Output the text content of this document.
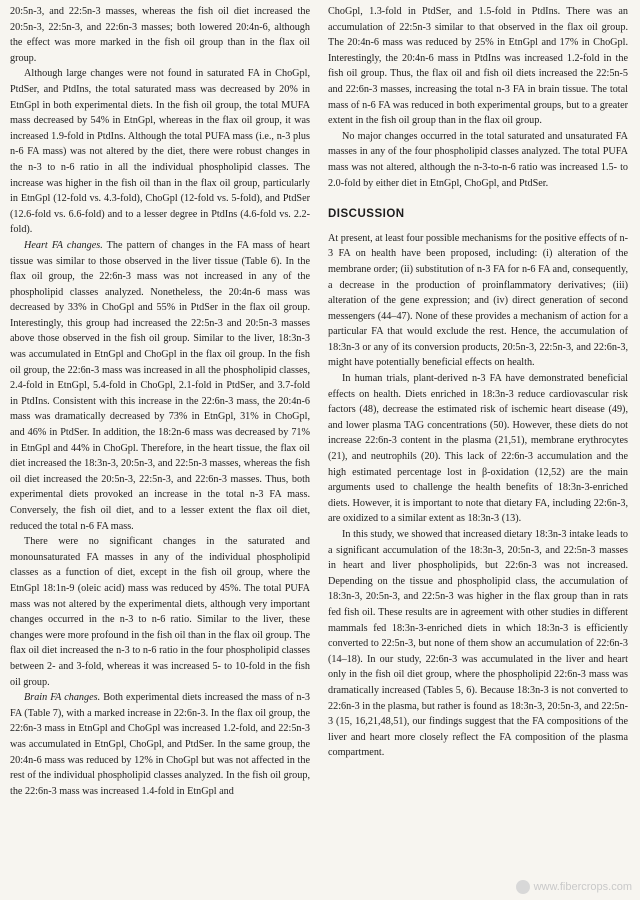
20:5n-3, and 22:5n-3 masses, whereas the fish oil diet increased the 20:5n-3, 22:5n-3, and 22:6n-3 masses; both lowered 20:4n-6, although the effect was more marked in the fish oil group than in the flax oil group.

Although large changes were not found in saturated FA in ChoGpl, PtdSer, and PtdIns, the total saturated mass was decreased by 20% in EtnGpl in both experimental diets. In the fish oil group, the total MUFA mass decreased by 54% in EtnGpl, whereas in the flax oil group, it was increased 1.9-fold in PtdIns. Although the total PUFA mass (i.e., n-3 plus n-6 FA mass) was not altered by the diet, there were robust changes in the n-3 to n-6 ratio in all the individual phospholipid classes. The increase was higher in the fish oil than in the flax oil group, particularly in EtnGpl (12-fold vs. 4.3-fold), ChoGpl (12-fold vs. 5-fold), and PtdSer (12.6-fold vs. 6.6-fold) and to a lesser degree in PtdIns (4.6-fold vs. 2.2-fold).

Heart FA changes. The pattern of changes in the FA mass of heart tissue was similar to those observed in the liver tissue (Table 6). In the flax oil group, the 22:6n-3 mass was not increased in any of the phospholipid classes analyzed. Nonetheless, the 20:4n-6 mass was decreased by 33% in ChoGpl and 55% in PtdSer in the flax oil group. Interestingly, this group had increased the 22:5n-3 and 20:5n-3 masses above those observed in the fish oil group. Similar to the liver, 18:3n-3 was accumulated in EtnGpl and ChoGpl in the flax oil group. In the fish oil group, the 22:6n-3 mass was increased in all the phospholipid classes, 2.4-fold in EtnGpl, 5.4-fold in ChoGpl, 2.1-fold in PtdSer, and 3.7-fold in PtdIns. Consistent with this increase in the 22:6n-3 mass, the 20:4n-6 mass was dramatically decreased by 73% in EtnGpl, 31% in ChoGpl, and 46% in PtdSer. In addition, the 18:2n-6 mass was decreased by 71% in EtnGpl and 44% in ChoGpl. Therefore, in the heart tissue, the flax oil diet increased the 18:3n-3, 20:5n-3, and 22:5n-3 masses, whereas the fish oil diet increased the 20:5n-3, 22:5n-3, and 22:6n-3 masses. Thus, both experimental diets provoked an increase in the total n-3 FA mass. Conversely, the fish oil diet, and to a lesser extent the flax oil diet, reduced the total n-6 FA mass.

There were no significant changes in the saturated and monounsaturated FA masses in any of the individual phospholipid classes as a function of diet, except in the fish oil group, where the EtnGpl 18:1n-9 (oleic acid) mass was reduced by 45%. The total PUFA mass was not altered by the experimental diets, although very important changes occurred in the n-3 to n-6 ratio. Similar to the liver, these changes were more profound in the fish oil than in the flax oil group. The flax oil diet increased the n-3 to n-6 ratio in the four phospholipid classes between 2- and 3-fold, whereas it was increased 5- to 10-fold in the fish oil group.

Brain FA changes. Both experimental diets increased the mass of n-3 FA (Table 7), with a marked increase in 22:6n-3. In the flax oil group, the 22:6n-3 mass in EtnGpl and ChoGpl was increased 1.2-fold, and 22:5n-3 was accumulated in EtnGpl, ChoGpl, and PtdSer. In the same group, the 20:4n-6 mass was reduced by 12% in ChoGpl but was not affected in the rest of the individual phospholipid classes analyzed. In the fish oil group, the 22:6n-3 mass was increased 1.4-fold in EtnGpl and

ChoGpl, 1.3-fold in PtdSer, and 1.5-fold in PtdIns. There was an accumulation of 22:5n-3 similar to that observed in the flax oil group. The 20:4n-6 mass was reduced by 25% in EtnGpl and 17% in ChoGpl. Interestingly, the 20:4n-6 mass in PtdIns was increased 1.2-fold in the fish oil group. Thus, the flax oil and fish oil diets increased the 22:5n-5 and 22:6n-3 masses, increasing the total n-3 FA in brain tissue. The total mass of n-6 FA was reduced in both experimental groups, but to a greater extent in the fish oil group than in the flax oil group.

No major changes occurred in the total saturated and unsaturated FA masses in any of the four phospholipid classes analyzed. The total PUFA mass was not altered, although the n-3-to-n-6 ratio was increased 1.5- to 2.0-fold by either diet in EtnGpl, ChoGpl, and PtdSer.

DISCUSSION

At present, at least four possible mechanisms for the positive effects of n-3 FA on health have been proposed, including: (i) alteration of the membrane order; (ii) substitution of n-3 FA for n-6 FA and, consequently, a decrease in the production of proinflammatory derivatives; (iii) alteration of the gene expression; and (iv) direct generation of second messengers (44–47). None of these provides a mechanism of action for a particular FA that would exclude the rest. Hence, the accumulation of 18:3n-3 or any of its conversion products, 20:5n-3, 22:5n-3, and 22:6n-3, might have potentially beneficial effects on health.

In human trials, plant-derived n-3 FA have demonstrated beneficial effects on health. Diets enriched in 18:3n-3 reduce cardiovascular risk factors (48), decrease the estimated risk of ischemic heart disease (49), and lower plasma TAG concentrations (50). However, these diets do not increase 22:6n-3 content in the plasma (21,51), membrane erythrocytes (21), and neutrophils (20). This lack of 22:6n-3 accumulation and the high estimated percentage lost in β-oxidation (12,52) are the main arguments used to challenge the health benefits of 18:3n-3-enriched diets. However, it is important to note that dietary FA, including 22:6n-3, are oxidized to a similar extent as 18:3n-3 (13).

In this study, we showed that increased dietary 18:3n-3 intake leads to a significant accumulation of the 18:3n-3, 20:5n-3, and 22:5n-3 masses in heart and liver phospholipids, but 22:6n-3 was not increased. Depending on the tissue and phospholipid class, the accumulation of 18:3n-3, 20:5n-3, and 22:5n-3 was higher in the flax group than in rats fed fish oil. These results are in agreement with other studies in different mammals fed 18:3n-3-enriched diets in which 18:3n-3 is efficiently converted to 22:5n-3, but none of them show an accumulation of 22:6n-3 (14–18). In our study, 22:6n-3 was accumulated in the liver and heart only in the fish oil diet group, where the phospholipid 22:6n-3 mass was dramatically increased (Tables 5, 6). Because 18:3n-3 is not converted to 22:6n-3 in the plasma, but rather is found as 18:3n-3, 20:5n-3, and 22:5n-3 (15, 16,21,48,51), our findings suggest that the FA compositions of the liver and heart more closely reflect the FA composition of the plasma compartment.

www.fibercrops.com
